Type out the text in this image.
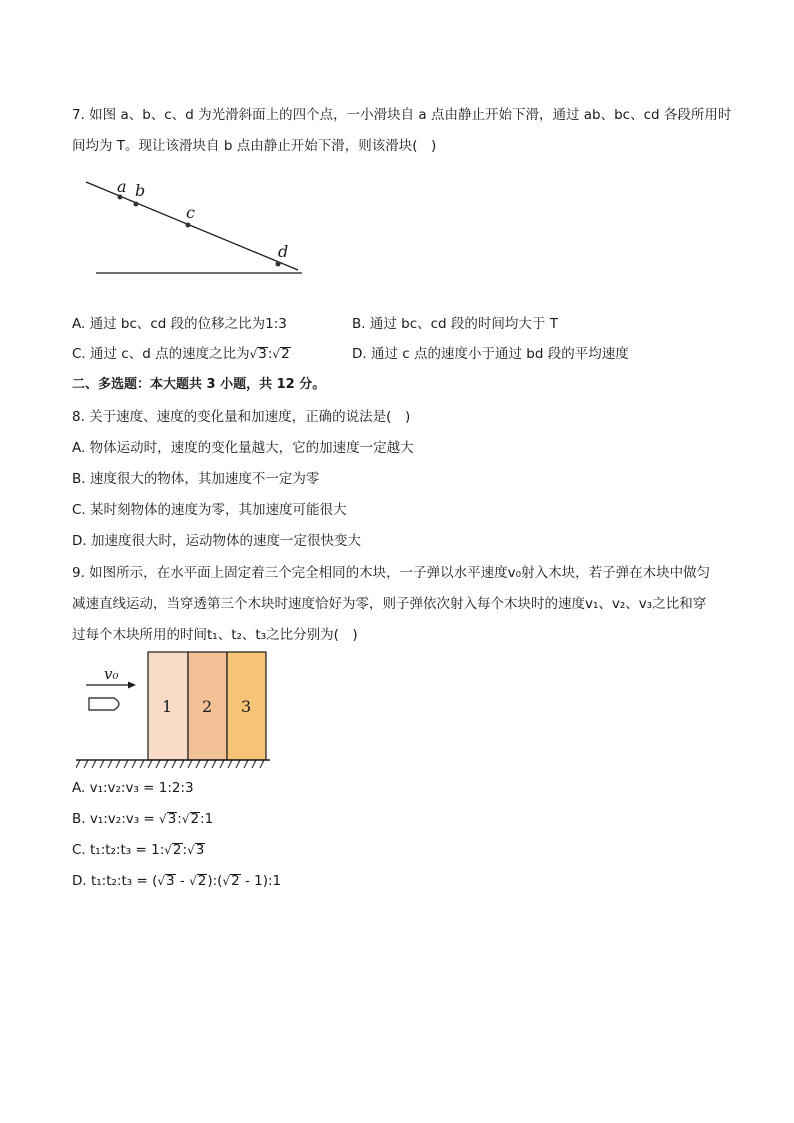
7. 如图 a、b、c、d 为光滑斜面上的四个点，一小滑块自 a 点由静止开始下滑，通过 ab、bc、cd 各段所用时
间均为 T。现让该滑块自 b 点由静止开始下滑，则该滑块(　)
a b
c
d
A. 通过 bc、cd 段的位移之比为1:3	B. 通过 bc、cd 段的时间均大于 T
C. 通过 c、d 点的速度之比为√3:√2	D. 通过 c 点的速度小于通过 bd 段的平均速度
二、多选题：本大题共 3 小题，共 12 分。
8. 关于速度、速度的变化量和加速度，正确的说法是(　)
A. 物体运动时，速度的变化量越大，它的加速度一定越大
B. 速度很大的物体，其加速度不一定为零
C. 某时刻物体的速度为零，其加速度可能很大
D. 加速度很大时，运动物体的速度一定很快变大
9. 如图所示，在水平面上固定着三个完全相同的木块，一子弹以水平速度v₀射入木块，若子弹在木块中做匀
减速直线运动，当穿透第三个木块时速度恰好为零，则子弹依次射入每个木块时的速度v₁、v₂、v₃之比和穿
过每个木块所用的时间t₁、t₂、t₃之比分别为(　)
v₀
1 2 3
A. v₁:v₂:v₃ = 1:2:3
B. v₁:v₂:v₃ = √3:√2:1
C. t₁:t₂:t₃ = 1:√2:√3
D. t₁:t₂:t₃ = (√3 - √2):(√2 - 1):1
